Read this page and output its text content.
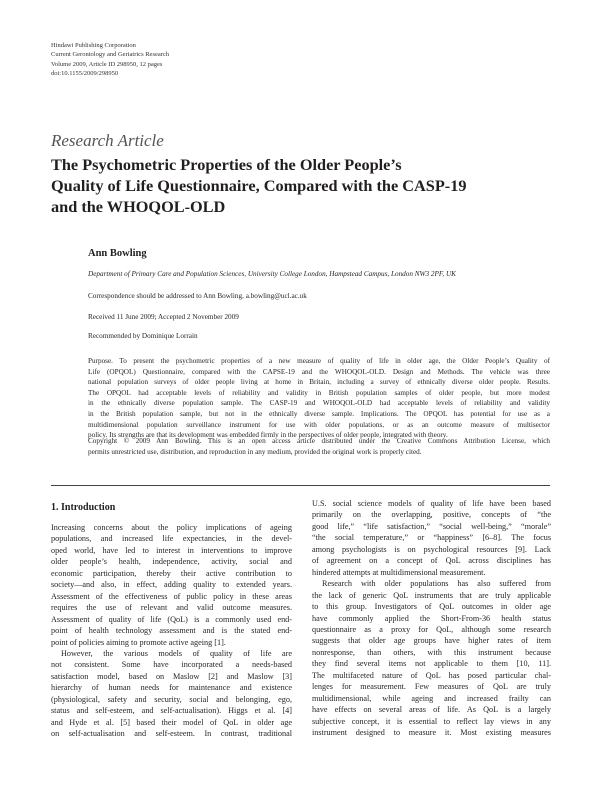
Hindawi Publishing Corporation
Current Gerontology and Geriatrics Research
Volume 2009, Article ID 298950, 12 pages
doi:10.1155/2009/298950
Research Article
The Psychometric Properties of the Older People’s
Quality of Life Questionnaire, Compared with the CASP-19
and the WHOQOL-OLD
Ann Bowling
Department of Primary Care and Population Sciences, University College London, Hampstead Campus, London NW3 2PF, UK
Correspondence should be addressed to Ann Bowling, a.bowling@ucl.ac.uk
Received 11 June 2009; Accepted 2 November 2009
Recommended by Dominique Lorrain
Purpose. To present the psychometric properties of a new measure of quality of life in older age, the Older People’s Quality of
Life (OPQOL) Questionnaire, compared with the CAPSE-19 and the WHOQOL-OLD. Design and Methods. The vehicle was three
national population surveys of older people living at home in Britain, including a survey of ethnically diverse older people. Results.
The OPQOL had acceptable levels of reliability and validity in British population samples of older people, but more modest
in the ethnically diverse population sample. The CASP-19 and WHOQOL-OLD had acceptable levels of reliability and validity
in the British population sample, but not in the ethnically diverse sample. Implications. The OPQOL has potential for use as a
multidimensional population surveillance instrument for use with older populations, or as an outcome measure of multisector
policy. Its strengths are that its development was embedded firmly in the perspectives of older people, integrated with theory.
Copyright © 2009 Ann Bowling. This is an open access article distributed under the Creative Commons Attribution License, which
permits unrestricted use, distribution, and reproduction in any medium, provided the original work is properly cited.
1. Introduction
Increasing concerns about the policy implications of ageing
populations, and increased life expectancies, in the devel-
oped world, have led to interest in interventions to improve
older people’s health, independence, activity, social and
economic participation, thereby their active contribution to
society—and also, in effect, adding quality to extended years.
Assessment of the effectiveness of public policy in these areas
requires the use of relevant and valid outcome measures.
Assessment of quality of life (QoL) is a commonly used end-
point of health technology assessment and is the stated end-
point of policies aiming to promote active ageing [1].
However, the various models of quality of life are
not consistent. Some have incorporated a needs-based
satisfaction model, based on Maslow [2] and Maslow [3]
hierarchy of human needs for maintenance and existence
(physiological, safety and security, social and belonging, ego,
status and self-esteem, and self-actualisation). Higgs et al. [4]
and Hyde et al. [5] based their model of QoL in older age
on self-actualisation and self-esteem. In contrast, traditional
U.S. social science models of quality of life have been based
primarily on the overlapping, positive, concepts of “the
good life,” “life satisfaction,” “social well-being,” “morale”
“the social temperature,” or “happiness” [6–8]. The focus
among psychologists is on psychological resources [9]. Lack
of agreement on a concept of QoL across disciplines has
hindered attempts at multidimensional measurement.
Research with older populations has also suffered from
the lack of generic QoL instruments that are truly applicable
to this group. Investigators of QoL outcomes in older age
have commonly applied the Short-From-36 health status
questionnaire as a proxy for QoL, although some research
suggests that older age groups have higher rates of item
nonresponse, than others, with this instrument because
they find several items not applicable to them [10, 11].
The multifaceted nature of QoL has posed particular chal-
lenges for measurement. Few measures of QoL are truly
multidimensional, while ageing and increased frailty can
have effects on several areas of life. As QoL is a largely
subjective concept, it is essential to reflect lay views in any
instrument designed to measure it. Most existing measures
